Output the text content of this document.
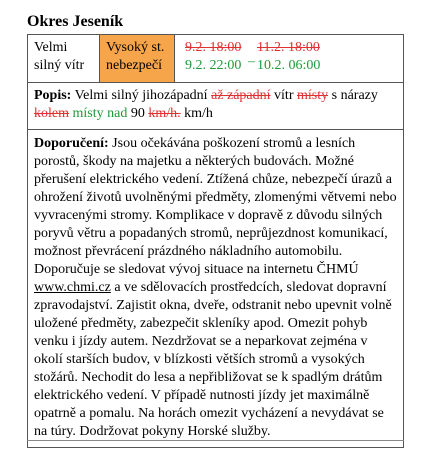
Okres Jeseník
Velmi silný vítr
Vysoký st. nebezpečí
9.2. 18:00 11.2. 18:00
9.2. 22:00 – 10.2. 06:00
Popis: Velmi silný jihozápadní až západní vítr místy s nárazy kolem místy nad 90 km/h. km/h
Doporučení: Jsou očekávána poškození stromů a lesních porostů, škody na majetku a některých budovách. Možné přerušení elektrického vedení. Ztížená chůze, nebezpečí úrazů a ohrožení životů uvolněnými předměty, zlomenými větvemi nebo vyvracenými stromy. Komplikace v dopravě z důvodu silných poryvů větru a popadaných stromů, neprůjezdnost komunikací, možnost převrácení prázdného nákladního automobilu. Doporučuje se sledovat vývoj situace na internetu ČHMÚ www.chmi.cz a ve sdělovacích prostředcích, sledovat dopravní zpravodajství. Zajistit okna, dveře, odstranit nebo upevnit volně uložené předměty, zabezpečit skleníky apod. Omezit pohyb venku i jízdy autem. Nezdržovat se a neparkovat zejména v okolí starších budov, v blízkosti větších stromů a vysokých stožárů. Nechodit do lesa a nepřibližovat se k spadlým drátům elektrického vedení. V případě nutnosti jízdy jet maximálně opatrně a pomalu. Na horách omezit vycházení a nevydávat se na túry. Dodržovat pokyny Horské služby.
